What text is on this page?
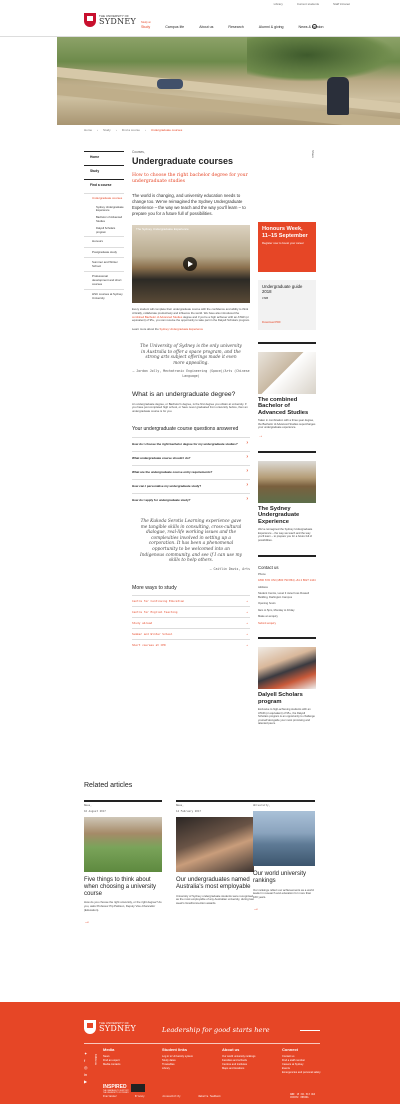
Library	Current students	Staff intranet
THE UNIVERSITY OF
SYDNEY Study at
Study	Campus life	About us	Research	Alumni & giving	News & opinion
Home › Study › Find a course › Undergraduate courses
Home
Study
Find a course
Undergraduate courses
Sydney Undergraduate Experience
Bachelor of Advanced Studies
Dalyell Scholars program
Honours
Postgraduate study
Summer and Winter School
Professional development and short courses
HSC courses at Sydney University
Courses,
Undergraduate courses
How to choose the right bachelor degree for your undergraduate studies
The world is changing, and university education needs to change too. We've reimagined the Sydney Undergraduate Experience – the way we teach and the way you'll learn – to prepare you for a future full of possibilities.
The Sydney Undergraduate Experience
Every student will complete their undergraduate course with the confidence and ability to think critically, collaborate productively and influence the world. We have also introduced the combined Bachelor of Advanced Studies degree and if you're a high achiever with an ATAR (or equivalent) of 95+, you can receive the opportunity to take part in the Dalyell Scholars program.
Learn more about the Sydney Undergraduate Experience
The University of Sydney is the only university in Australia to offer a space program, and the strong arts subject offerings made it even more appealing.
– Jordan Jolly, Mechatronic Engineering (Space)/Arts (Chinese Language)
What is an undergraduate degree?
An undergraduate degree, or Bachelor's degree, is the first degree you obtain at university. If you have just completed high school, or have never graduated from university before, then an undergraduate course is for you.
Your undergraduate course questions answered
How do I choose the right bachelor degree for my undergraduate studies? ›
What undergraduate course should I do? ›
What are the undergraduate course entry requirements? ›
How can I personalise my undergraduate study? ›
How do I apply for undergraduate study? ›
The Kukoda Serotis Learning experience gave me tangible skills in consulting, cross-cultural dialogue, real-life working issues and the complexities involved in setting up a corporation. It has been a phenomenal opportunity to be welcomed into an Indigenous community, and see if I can use my skills to help others.
– Caitlin Davis, Arts
More ways to study
Centre for Continuing Education →
Centre for English Teaching →
Study abroad →
Summer and Winter School →
Short courses at CPD →
Share
Honours Week, 11–15 September
Register now to boost your career
Undergraduate guide 2018
3 MB
Download PDF
The combined Bachelor of Advanced Studies
Taken in combination with a three-year degree, the Bachelor of Advanced Studies supercharges your undergraduate experience.
→
The Sydney Undergraduate Experience
We've reimagined the Sydney Undergraduate Experience – the way we teach and the way you'll learn – to prepare you for a future full of possibilities.
Contact us
Phone
1800 SYD UNI (1800 793 864) +61 2 8627 1444
Address
Student Centre, Level 3 Jane Foss Russell Building, Darlington Campus
Opening hours
9am to 5pm, Monday to Friday
Make an enquiry
Submit enquiry
Dalyell Scholars program
Exclusive to high-achieving students with an ATAR (or equivalent) of 95+, the Dalyell Scholars program is an opportunity to challenge yourself alongside your most promising and talented peers.
Related articles
News,
16 August 2017
Five things to think about when choosing a university course
How do you choose the right university, or the right degree? As you, asks Professor Pip Pattison, Deputy Vice-Chancellor (Education).
→
News,
14 February 2017
Our undergraduates named Australia's most employable
University of Sydney undergraduate students were recognised as the most employable of any Australian university, during last week's GradConnection awards.
University,
Our world university rankings
Our rankings reflect our achievements as a world leader in research and education for more than 160 years.
→
THE UNIVERSITY OF
SYDNEY	Leadership for good starts here
✦
f
◎
in
▶
Follow us
Media
News
Find an expert
Media contacts
Student links
Log in to University system
Study dates
Timetables
Library
About us
Our world university rankings
Faculties and schools
Centres and institutes
Maps and locations
Connect
Contact us
Find a staff member
Careers at Sydney
Events
Emergencies and personal safety
INSPIRED
THE CAMPAIGN TO SUPPORT THE UNIVERSITY OF SYDNEY
Disclaimer	Privacy	Accessibility	Website feedback
ABN: 15 211 513 464 CRICOS: 00026A
